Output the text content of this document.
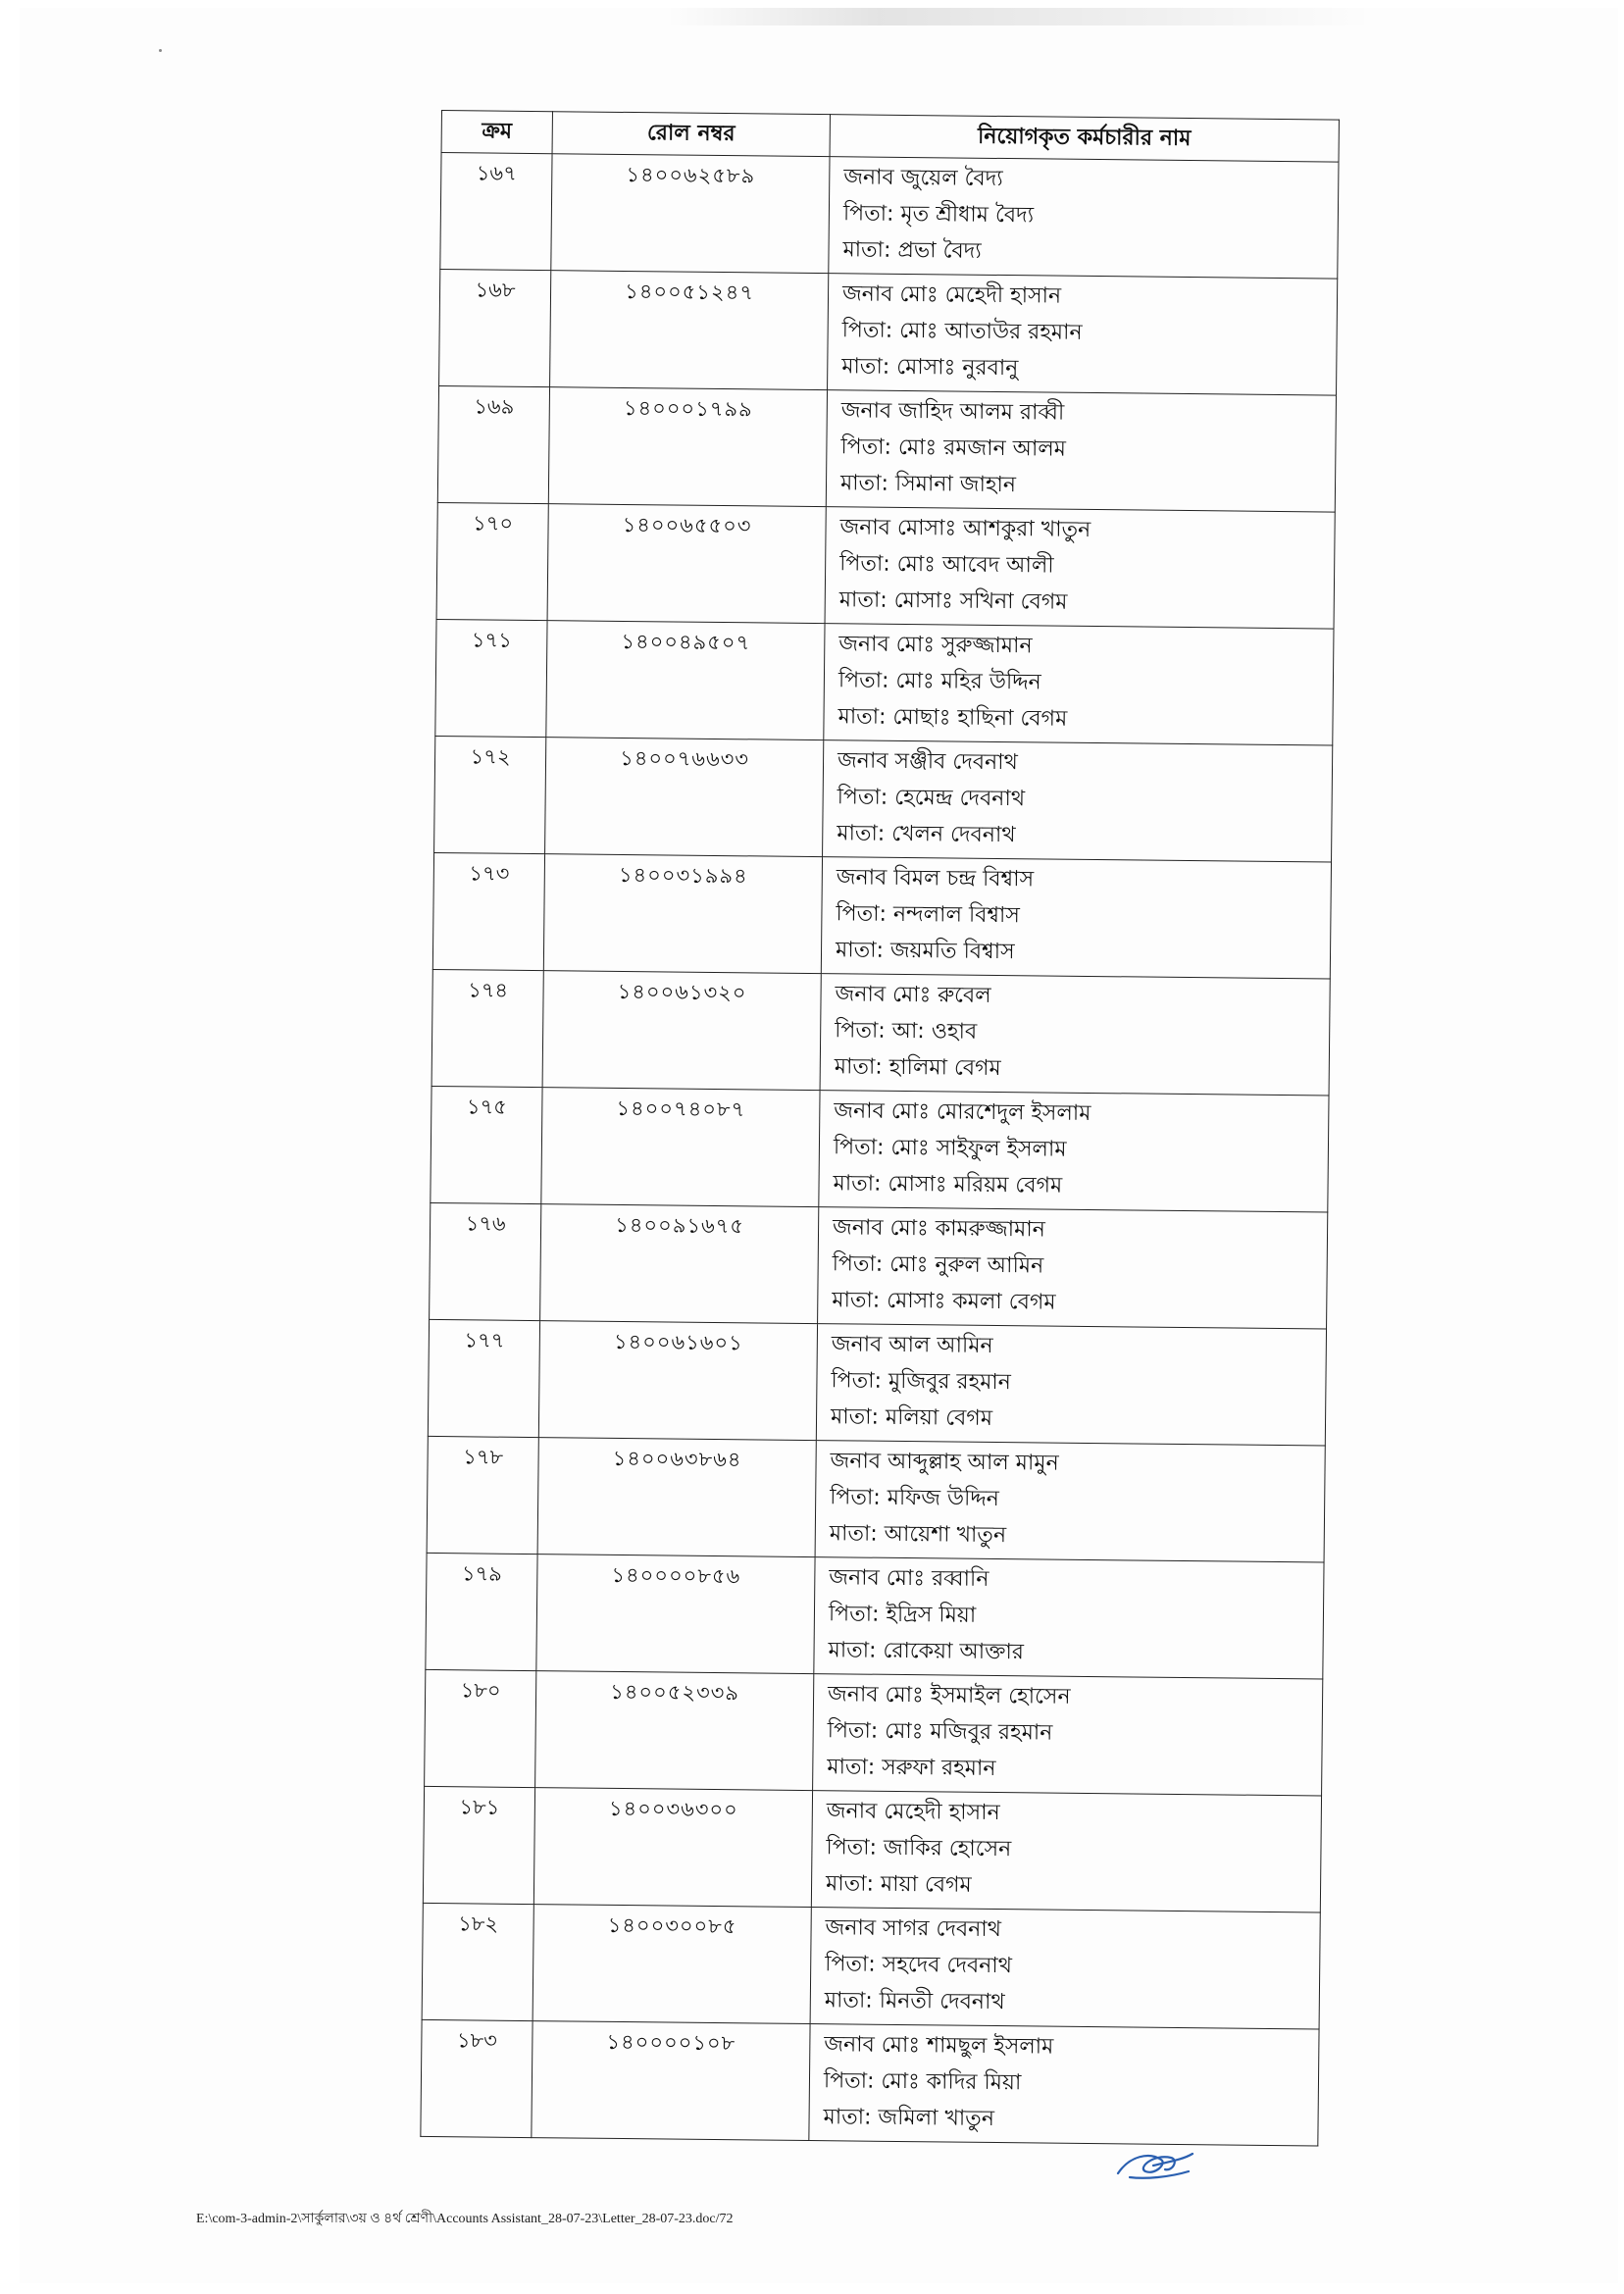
ক্রম	রোল নম্বর	নিয়োগকৃত কর্মচারীর নাম
১৬৭	১৪০০৬২৫৮৯	জনাব জুয়েল বৈদ্য
পিতা: মৃত শ্রীধাম বৈদ্য
মাতা: প্রভা বৈদ্য

১৬৮	১৪০০৫১২৪৭	জনাব মোঃ মেহেদী হাসান
পিতা: মোঃ আতাউর রহমান
মাতা: মোসাঃ নুরবানু

১৬৯	১৪০০০১৭৯৯	জনাব জাহিদ আলম রাব্বী
পিতা: মোঃ রমজান আলম
মাতা: সিমানা জাহান

১৭০	১৪০০৬৫৫০৩	জনাব মোসাঃ আশকুরা খাতুন
পিতা: মোঃ আবেদ আলী
মাতা: মোসাঃ সখিনা বেগম

১৭১	১৪০০৪৯৫০৭	জনাব মোঃ সুরুজ্জামান
পিতা: মোঃ মহির উদ্দিন
মাতা: মোছাঃ হাছিনা বেগম

১৭২	১৪০০৭৬৬৩৩	জনাব সঞ্জীব দেবনাথ
পিতা: হেমেন্দ্র দেবনাথ
মাতা: খেলন দেবনাথ

১৭৩	১৪০০৩১৯৯৪	জনাব বিমল চন্দ্র বিশ্বাস
পিতা: নন্দলাল বিশ্বাস
মাতা: জয়মতি বিশ্বাস

১৭৪	১৪০০৬১৩২০	জনাব মোঃ রুবেল
পিতা: আ: ওহাব
মাতা: হালিমা বেগম

১৭৫	১৪০০৭৪০৮৭	জনাব মোঃ মোরশেদুল ইসলাম
পিতা: মোঃ সাইফুল ইসলাম
মাতা: মোসাঃ মরিয়ম বেগম

১৭৬	১৪০০৯১৬৭৫	জনাব মোঃ কামরুজ্জামান
পিতা: মোঃ নুরুল আমিন
মাতা: মোসাঃ কমলা বেগম

১৭৭	১৪০০৬১৬০১	জনাব আল আমিন
পিতা: মুজিবুর রহমান
মাতা: মলিয়া বেগম

১৭৮	১৪০০৬৩৮৬৪	জনাব আব্দুল্লাহ আল মামুন
পিতা: মফিজ উদ্দিন
মাতা: আয়েশা খাতুন

১৭৯	১৪০০০০৮৫৬	জনাব মোঃ রব্বানি
পিতা: ইদ্রিস মিয়া
মাতা: রোকেয়া আক্তার

১৮০	১৪০০৫২৩৩৯	জনাব মোঃ ইসমাইল হোসেন
পিতা: মোঃ মজিবুর রহমান
মাতা: সরুফা রহমান

১৮১	১৪০০৩৬৩০০	জনাব মেহেদী হাসান
পিতা: জাকির হোসেন
মাতা: মায়া বেগম

১৮২	১৪০০৩০০৮৫	জনাব সাগর দেবনাথ
পিতা: সহদেব দেবনাথ
মাতা: মিনতী দেবনাথ

১৮৩	১৪০০০০১০৮	জনাব মোঃ শামছুল ইসলাম
পিতা: মোঃ কাদির মিয়া
মাতা: জমিলা খাতুন
E:\com-3-admin-2\সার্কুলার\৩য় ও ৪র্থ শ্রেণী\Accounts Assistant_28-07-23\Letter_28-07-23.doc/72
